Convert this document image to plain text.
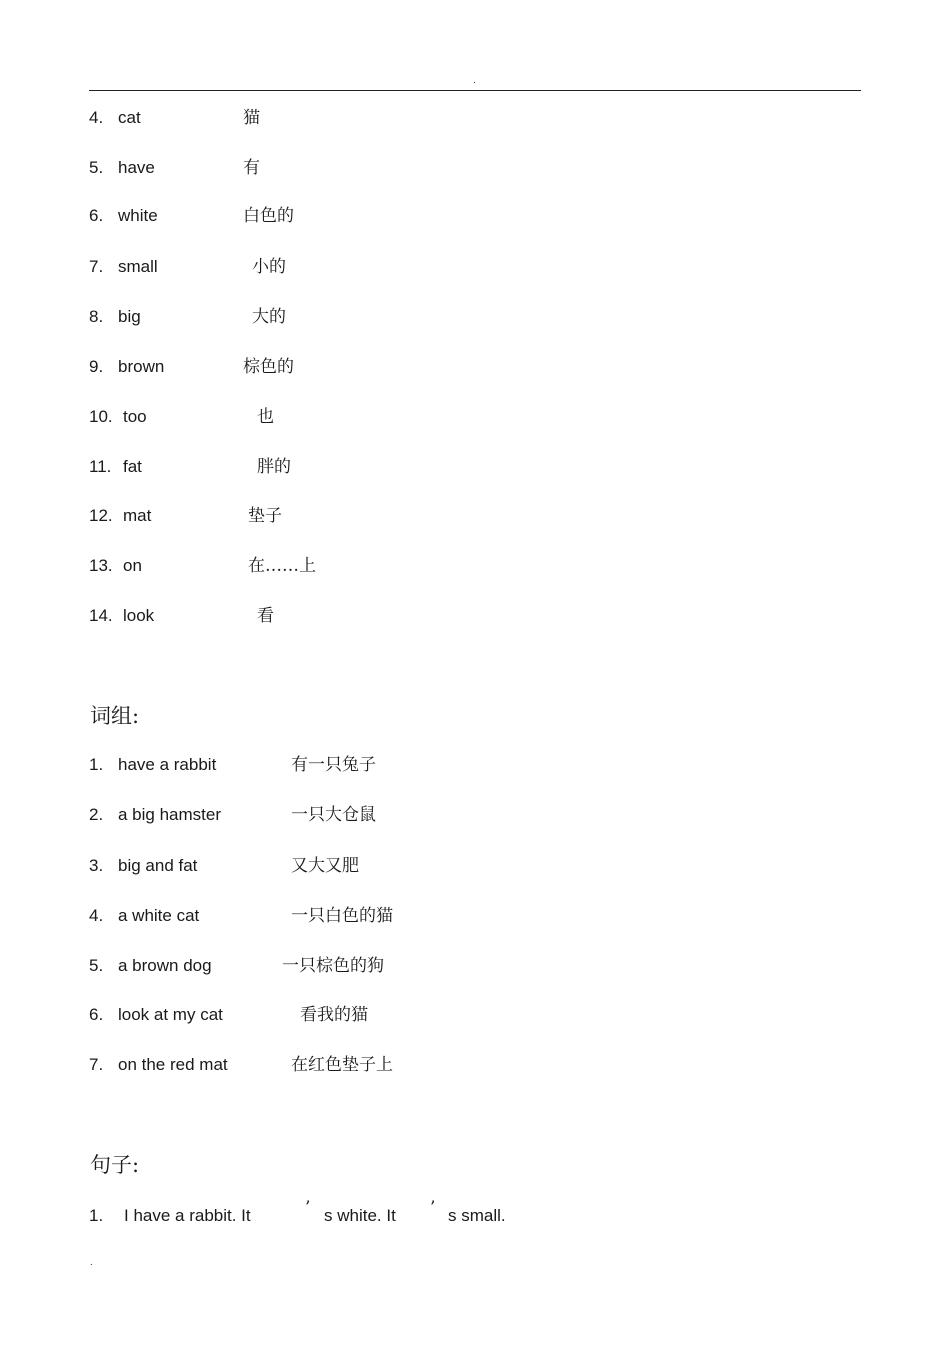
.
4. cat	猫
5. have	有
6. white	白色的
7. small	小的
8. big	大的
9. brown	棕色的
10. too	也
11. fat	胖的
12. mat	垫子
13. on	在……上
14. look	看
词组:
1. have a rabbit	有一只兔子
2. a big hamster	一只大仓鼠
3. big and fat	又大又肥
4. a white cat	一只白色的猫
5. a brown dog	一只棕色的狗
6. look at my cat	看我的猫
7. on the red mat	在红色垫子上
句子:
1. I have a rabbit. It	’ s white. It ’ s small.
.
